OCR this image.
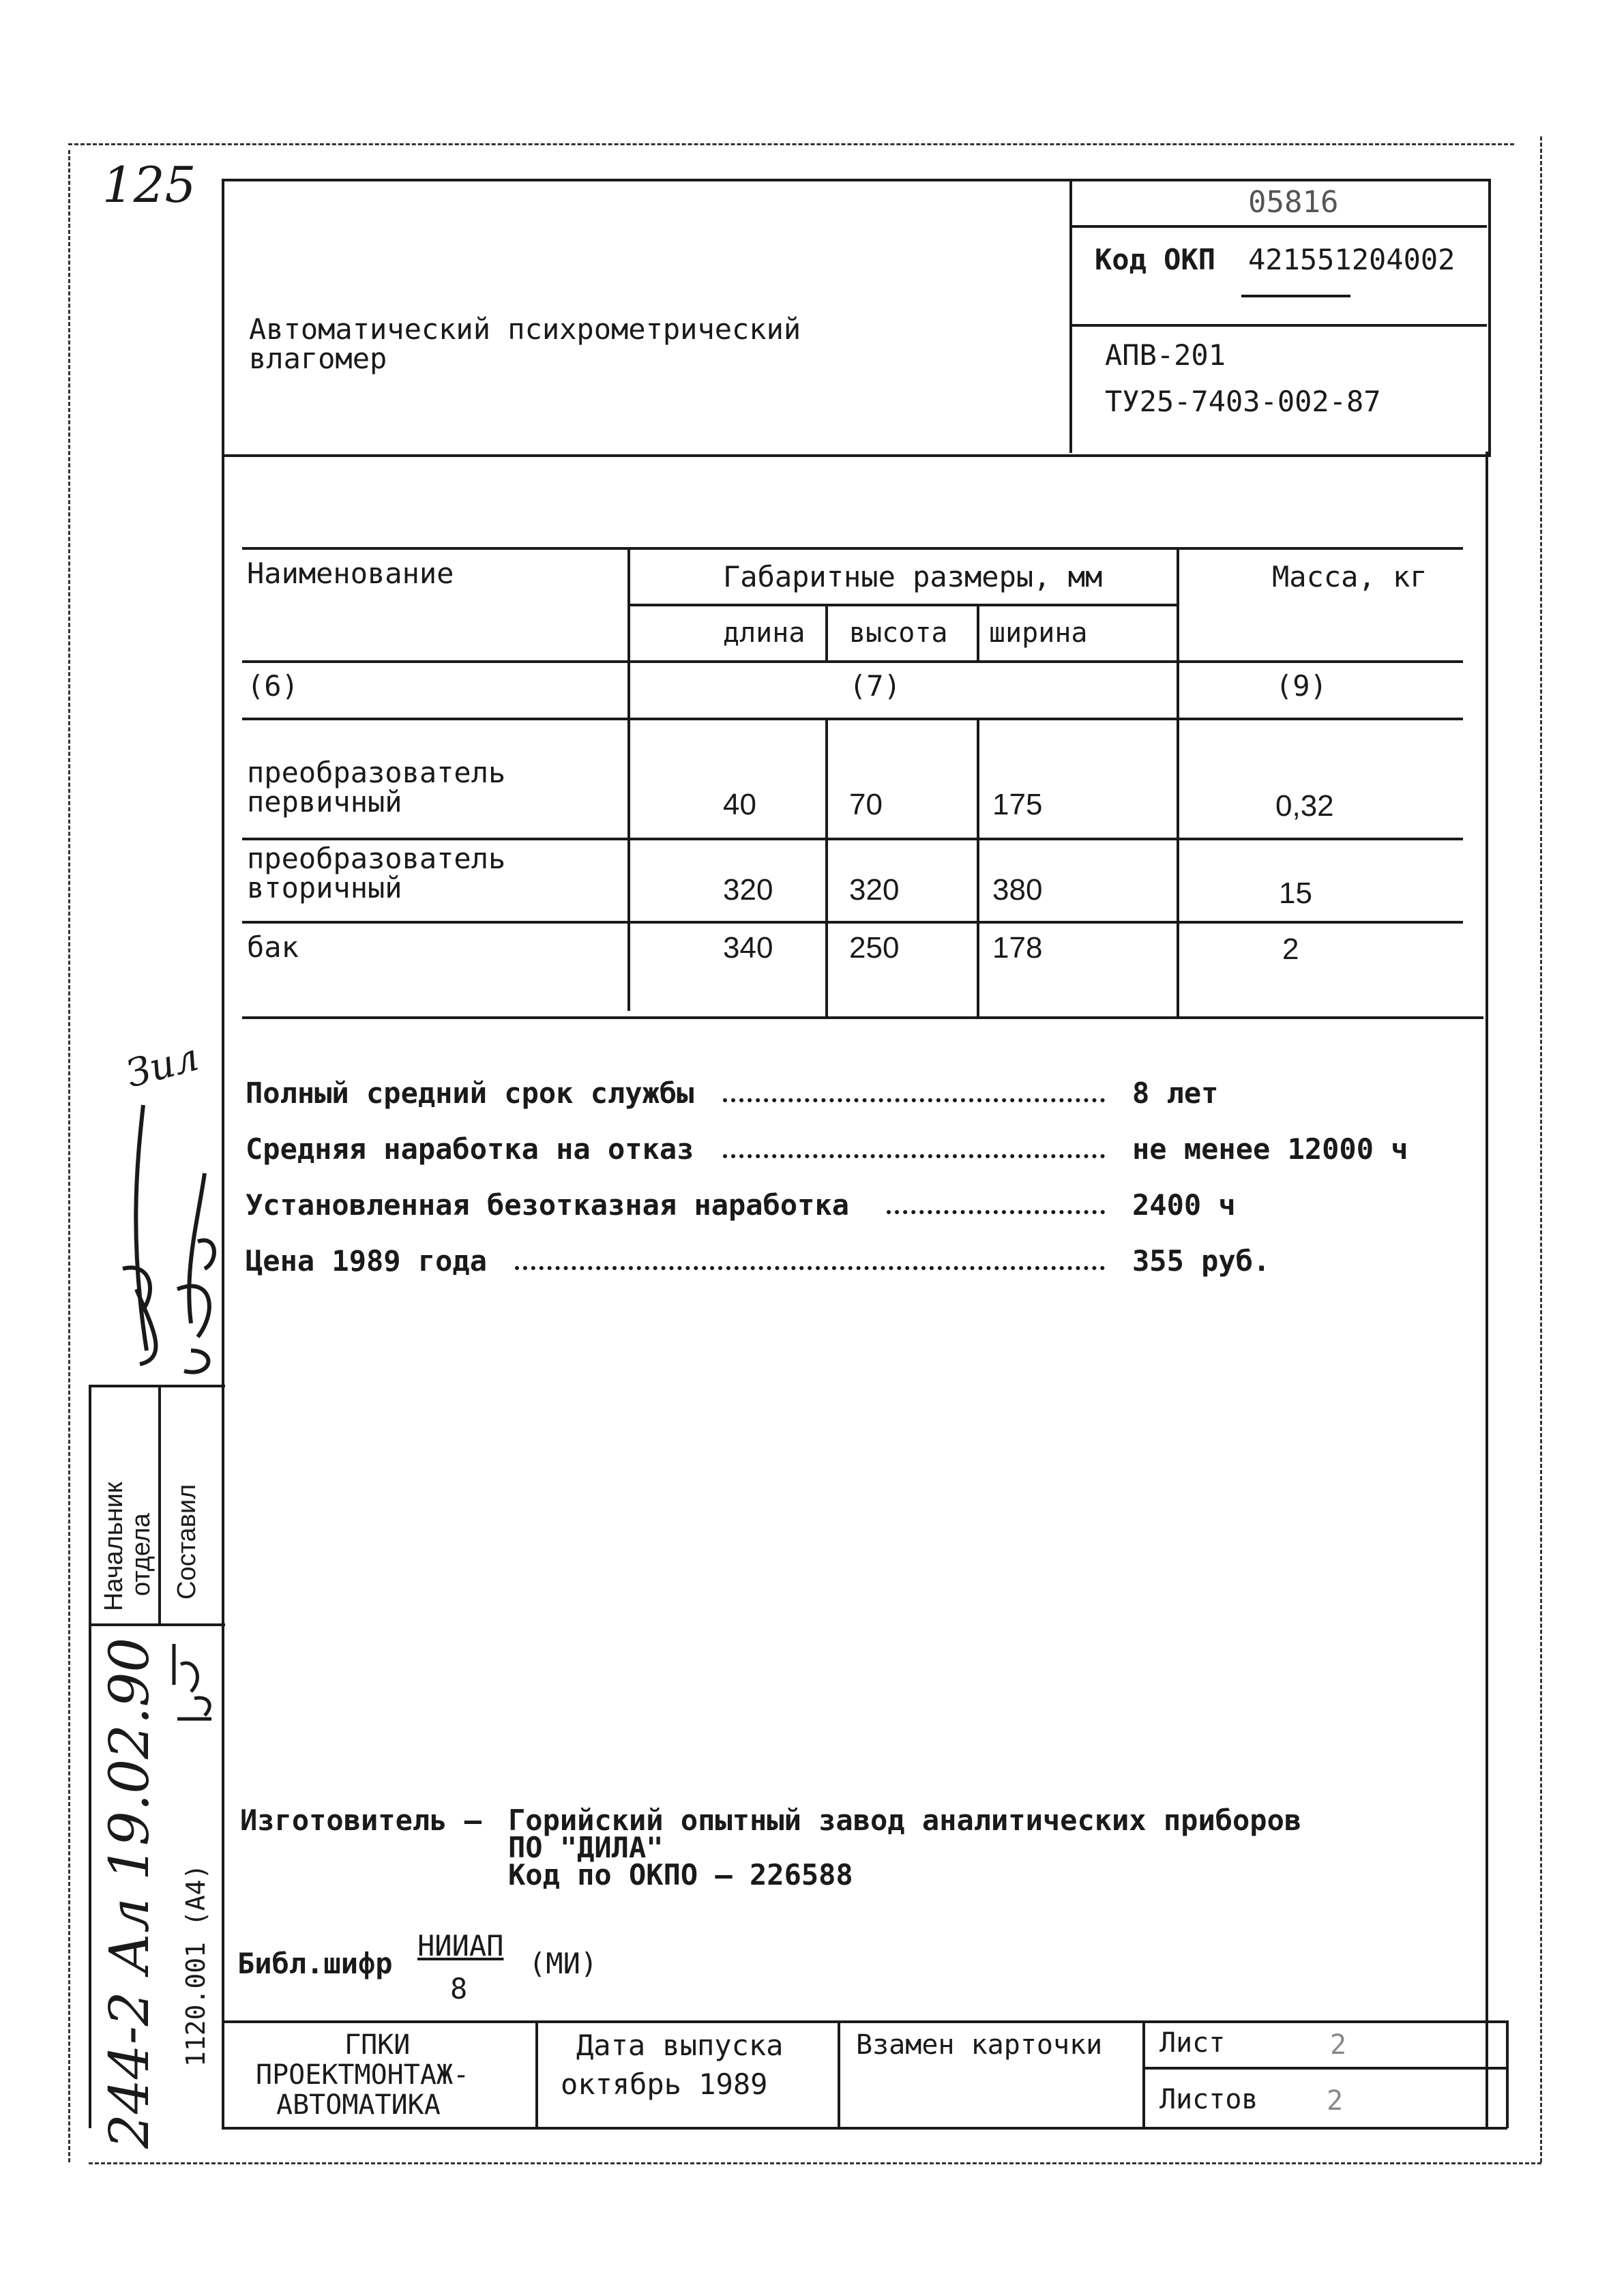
125	05816
Код ОКП 421551204002
Автоматический психрометрический
влагомер	АПВ-201
ТУ25-7403-002-87
Наименование	Габаритные размеры, мм	Масса, кг
длина высота ширина
(6)	(7)	(9)
преобразователь
первичный	40	70	175	0,32
преобразователь
вторичный	320	320	380	15
бак	340	250	178	2
Полный средний срок службы	8 лет
Средняя наработка на отказ	не менее 12000 ч
Установленная безотказная наработка	2400 ч
Цена 1989 года	355 руб.
Изготовитель – Горийский опытный завод аналитических приборов
ПО "ДИЛА"
Код по ОКПО – 226588
Библ.шифр
НИИАП
8
(МИ)
ГПКИ
ПРОЕКТМОНТАЖ-
АВТОМАТИКА
Дата выпуска
октябрь 1989
Взамен карточки Лист	2
Листов	2
Начальник
отдела Составил
1120.001 (А4)
244-2 Ал 19.02.90
Зил
